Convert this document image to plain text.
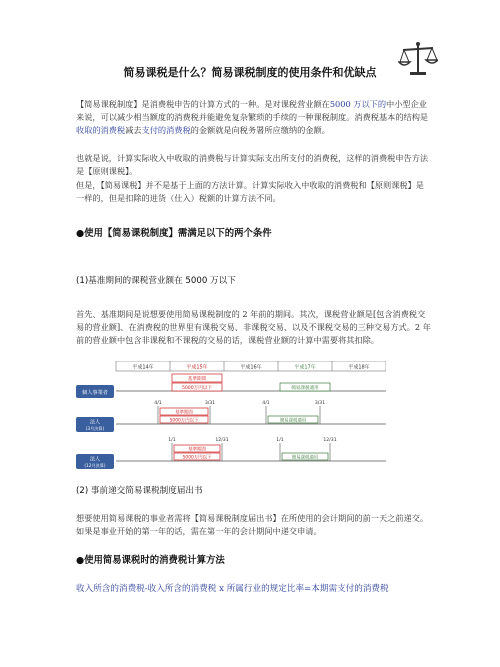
简易课税是什么？简易课税制度的使用条件和优缺点
【简易课税制度】是消费税申告的计算方式的一种。是对课税营业额在5000 万以下的中小型企业来说，可以减少相当额度的消费税并能避免复杂繁琐的手续的一种课税制度。消费税基本的结构是收取的消费税减去支付的消费税的金额就是向税务署所应缴纳的金额。
也就是说，计算实际收入中收取的消费税与计算实际支出所支付的消费税，这样的消费税申告方法是【原则课税】。
但是，【简易课税】并不是基于上面的方法计算。计算实际收入中收取的消费税和【原则课税】是一样的，但是扣除的进货（仕入）税额的计算方法不同。
●使用【简易课税制度】需满足以下的两个条件
(1)基准期间的课税营业额在 5000 万以下
首先、基准期间是说想要使用简易课税制度的 2 年前的期间。其次，课税营业额是[包含消费税交易的营业额]、在消费税的世界里有课税交易、非课税交易、以及不课税交易的三种交易方式。2 年前的营业额中包含非课税和不课税的交易的话，课税营业额的计算中需要将其扣除。
平成14年	平成15年	平成16年	平成17年	平成18年
個人事業者
基準期間
5000万円以下	簡易課税適用
法人
(3月決算)
4/1	3/31	4/1	3/31
基準期間
5000万円以下	簡易課税適用
法人
(12月決算)
1/1	12/31	1/1	12/31
基準期間
5000万円以下	簡易課税適用
(2) 事前递交简易课税制度届出书
想要使用简易课税的事业者需将【简易课税制度届出书】在所使用的会计期间的前一天之前递交。如果是事业开始的第一年的话，需在第一年的会计期间中递交申请。
●使用简易课税时的消费税计算方法
收入所含的消费税-收入所含的消费税 x 所属行业的规定比率=本期需支付的消费税
